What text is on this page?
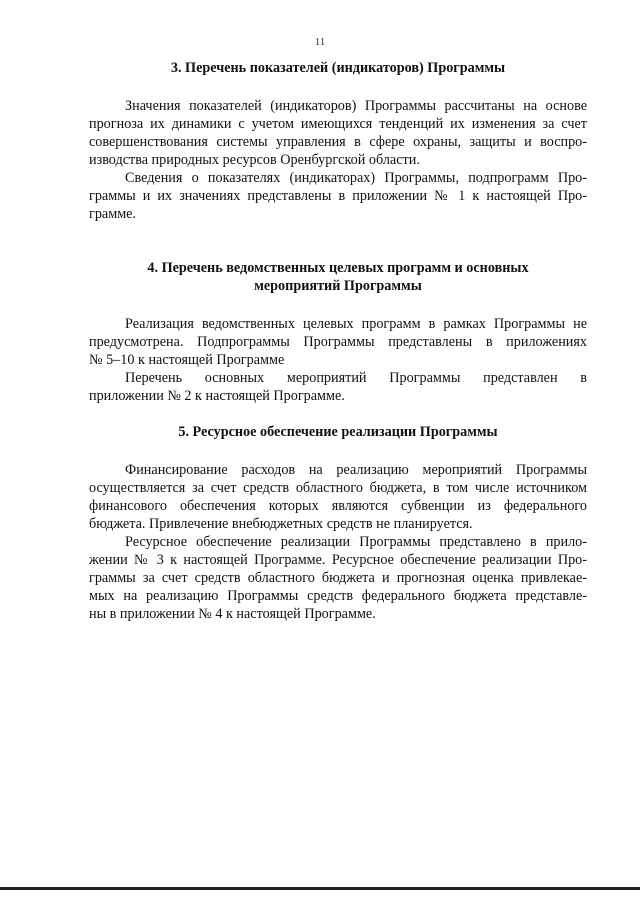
11
3. Перечень показателей (индикаторов) Программы

Значения показателей (индикаторов) Программы рассчитаны на основе
прогноза их динамики с учетом имеющихся тенденций их изменения за счет
совершенствования системы управления в сфере охраны, защиты и воспро-
изводства природных ресурсов Оренбургской области.

Сведения о показателях (индикаторах) Программы, подпрограмм Про-
граммы и их значениях представлены в приложении № 1 к настоящей Про-
грамме.

4. Перечень ведомственных целевых программ и основных
мероприятий Программы

Реализация ведомственных целевых программ в рамках Программы не
предусмотрена. Подпрограммы Программы представлены в приложениях
№ 5–10 к настоящей Программе

Перечень основных мероприятий Программы представлен в
приложении № 2 к настоящей Программе.

5. Ресурсное обеспечение реализации Программы

Финансирование расходов на реализацию мероприятий Программы
осуществляется за счет средств областного бюджета, в том числе источником
финансового обеспечения которых являются субвенции из федерального
бюджета. Привлечение внебюджетных средств не планируется.

Ресурсное обеспечение реализации Программы представлено в прило-
жении № 3 к настоящей Программе. Ресурсное обеспечение реализации Про-
граммы за счет средств областного бюджета и прогнозная оценка привлекае-
мых на реализацию Программы средств федерального бюджета представле-
ны в приложении № 4 к настоящей Программе.
